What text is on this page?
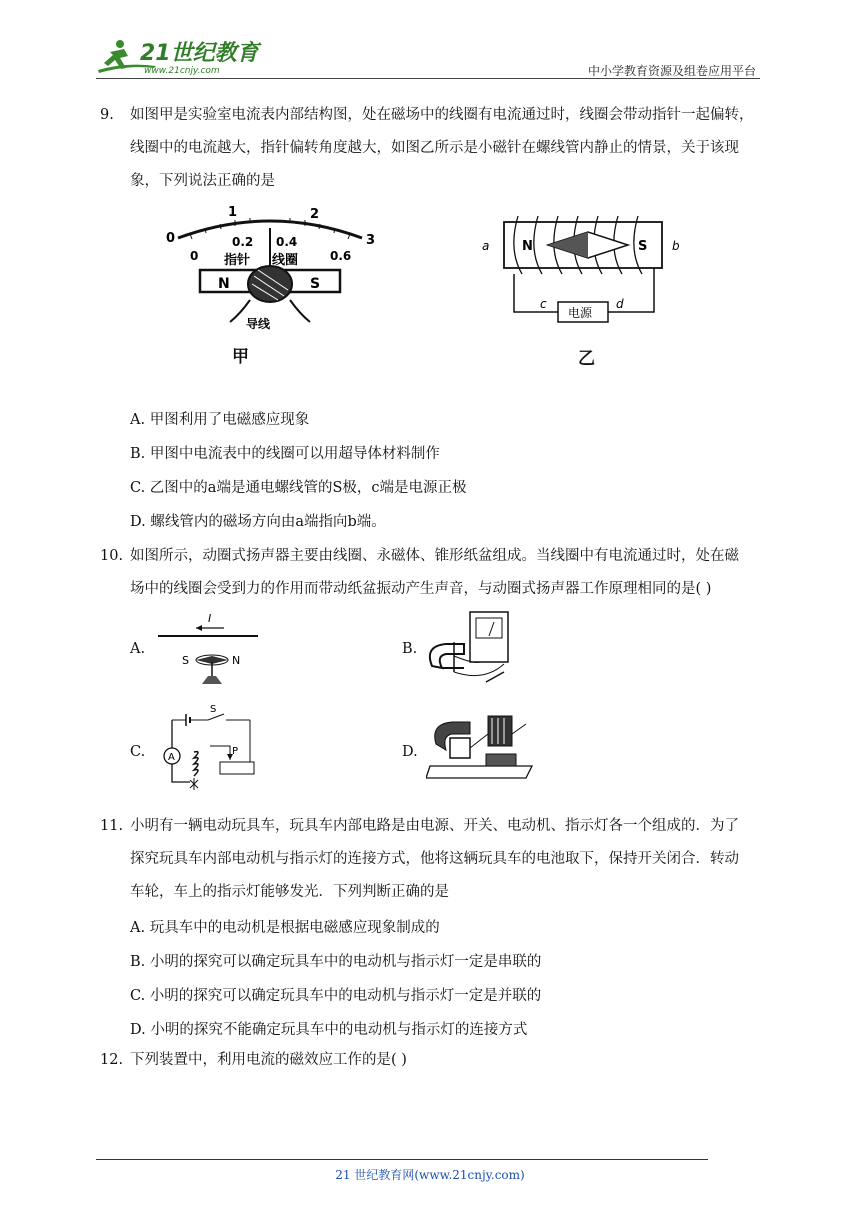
21世纪教育
www.21cnjy.com	中小学教育资源及组卷应用平台
9. 如图甲是实验室电流表内部结构图，处在磁场中的线圈有电流通过时，线圈会带动指针一起偏转，
线圈中的电流越大，指针偏转角度越大，如图乙所示是小磁针在螺线管内静止的情景，关于该现
象，下列说法正确的是
0
1	2
3
0
0.2 0.4
0.6
指针 线圈
N	S
导线
甲
N	S
a	b
电源
c	d
乙
A. 甲图利用了电磁感应现象
B. 甲图中电流表中的线圈可以用超导体材料制作
C. 乙图中的a端是通电螺线管的S极，c端是电源正极
D. 螺线管内的磁场方向由a端指向b端。
10. 如图所示，动圈式扬声器主要由线圈、永磁体、锥形纸盆组成。当线圈中有电流通过时，处在磁
场中的线圈会受到力的作用而带动纸盆振动产生声音，与动圈式扬声器工作原理相同的是( )
A.
I
S	N
B.
C. A
S
P	D.
11. 小明有一辆电动玩具车，玩具车内部电路是由电源、开关、电动机、指示灯各一个组成的．为了
探究玩具车内部电动机与指示灯的连接方式，他将这辆玩具车的电池取下，保持开关闭合．转动
车轮，车上的指示灯能够发光．下列判断正确的是
A. 玩具车中的电动机是根据电磁感应现象制成的
B. 小明的探究可以确定玩具车中的电动机与指示灯一定是串联的
C. 小明的探究可以确定玩具车中的电动机与指示灯一定是并联的
D. 小明的探究不能确定玩具车中的电动机与指示灯的连接方式
12. 下列装置中，利用电流的磁效应工作的是( )
21 世纪教育网(www.21cnjy.com)
